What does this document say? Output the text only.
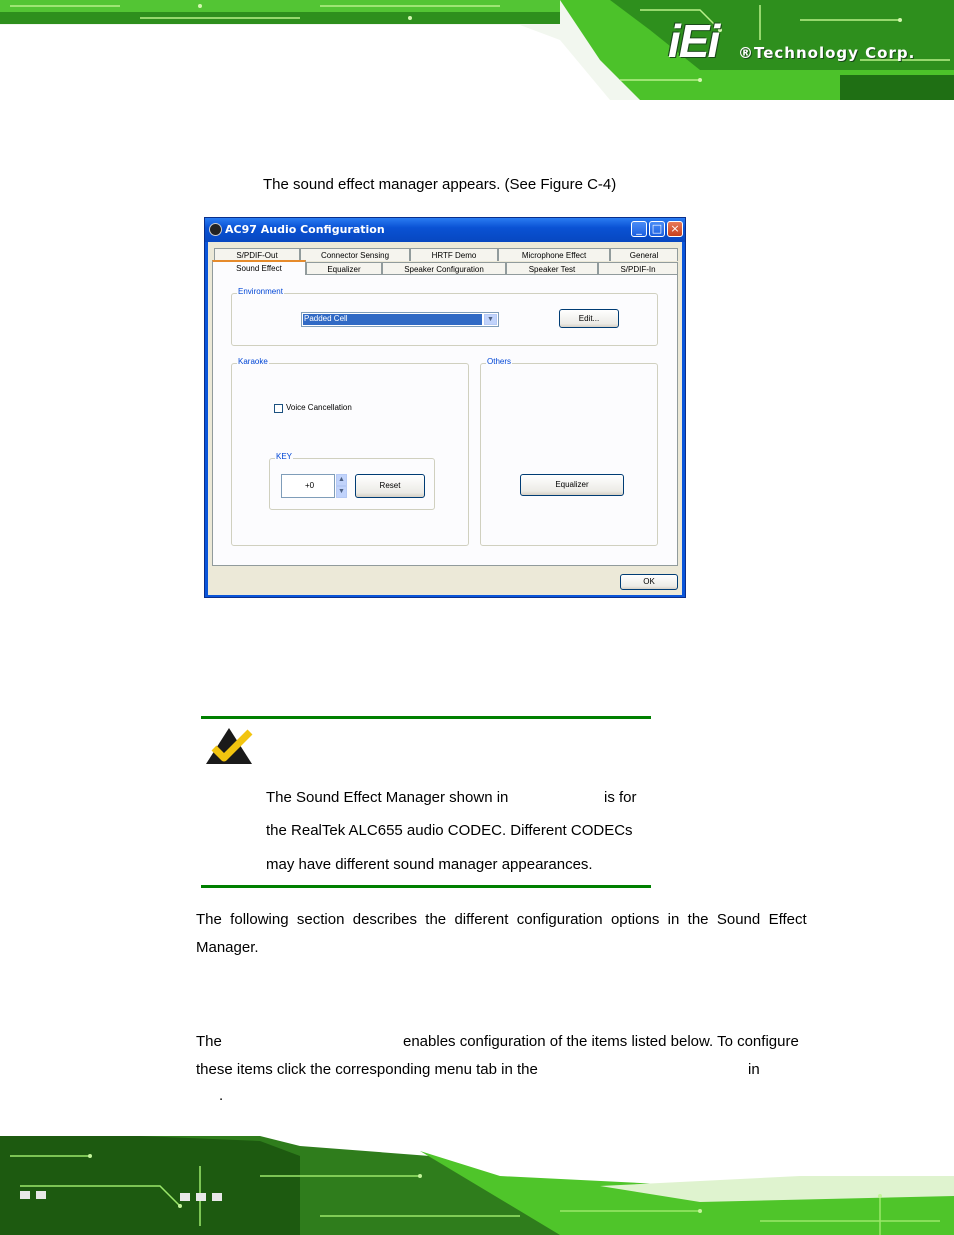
iEi ®Technology Corp.
The sound effect manager appears. (See Figure C-4)
AC97 Audio Configuration	_ □ ×
S/PDIF-Out	Connector Sensing	HRTF Demo	Microphone Effect	General
Sound Effect	Equalizer	Speaker Configuration	Speaker Test	S/PDIF-In
Environment
Padded Cell	▼	Edit...
Karaoke
Voice Cancellation
KEY
+0
▲
▼
Reset
Others
Equalizer
OK
The Sound Effect Manager shown in	is for
the RealTek ALC655 audio CODEC. Different CODECs
may have different sound manager appearances.
The  following  section  describes  the  different  configuration  options  in  the  Sound  Effect
Manager.
The	enables configuration of the items listed below. To configure
these items click the corresponding menu tab in the	in
.
